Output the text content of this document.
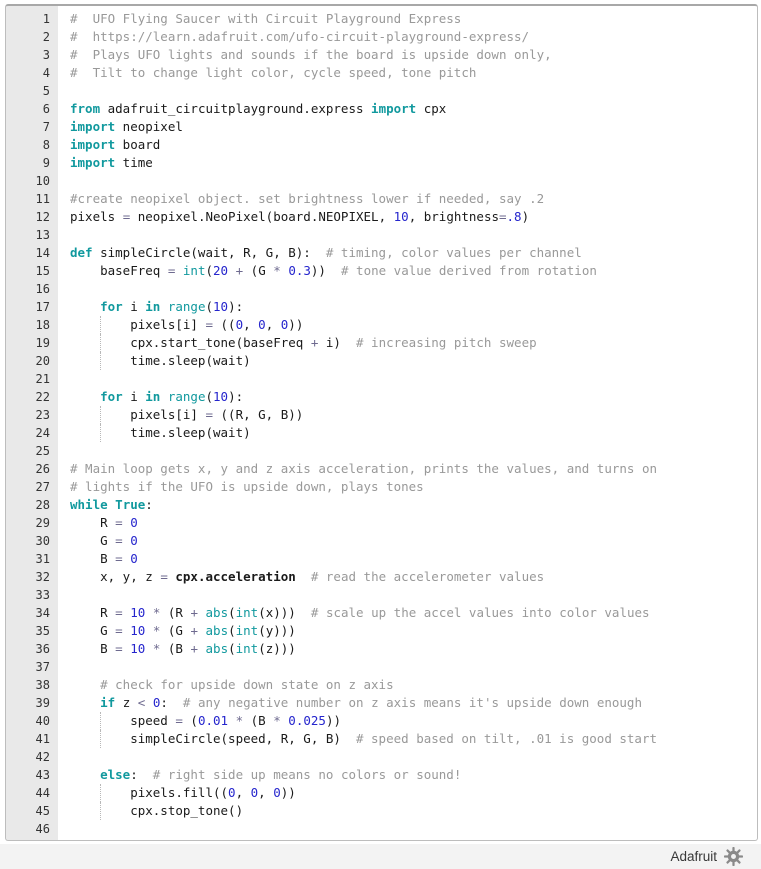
1	#  UFO Flying Saucer with Circuit Playground Express
2	#  https://learn.adafruit.com/ufo-circuit-playground-express/
3	#  Plays UFO lights and sounds if the board is upside down only,
4	#  Tilt to change light color, cycle speed, tone pitch
5
6	from adafruit_circuitplayground.express import cpx
7	import neopixel
8	import board
9	import time
10
11	#create neopixel object. set brightness lower if needed, say .2
12	pixels = neopixel.NeoPixel(board.NEOPIXEL, 10, brightness=.8)
13
14	def simpleCircle(wait, R, G, B):  # timing, color values per channel
15	baseFreq = int(20 + (G * 0.3))  # tone value derived from rotation
16
17	for i in range(10):
18	pixels[i] = ((0, 0, 0))
19	cpx.start_tone(baseFreq + i)  # increasing pitch sweep
20	time.sleep(wait)
21
22	for i in range(10):
23	pixels[i] = ((R, G, B))
24	time.sleep(wait)
25
26	# Main loop gets x, y and z axis acceleration, prints the values, and turns on
27	# lights if the UFO is upside down, plays tones
28	while True:
29	R = 0
30	G = 0
31	B = 0
32	x, y, z = cpx.acceleration # read the accelerometer values
33
34	R = 10 * (R + abs(int(x)))  # scale up the accel values into color values
35	G = 10 * (G + abs(int(y)))
36	B = 10 * (B + abs(int(z)))
37
38	# check for upside down state on z axis
39	if z < 0:  # any negative number on z axis means it's upside down enough
40	speed = (0.01 * (B * 0.025))
41	simpleCircle(speed, R, G, B)  # speed based on tilt, .01 is good start
42
43	else:  # right side up means no colors or sound!
44	pixels.fill((0, 0, 0))
45	cpx.stop_tone()
46
Adafruit
